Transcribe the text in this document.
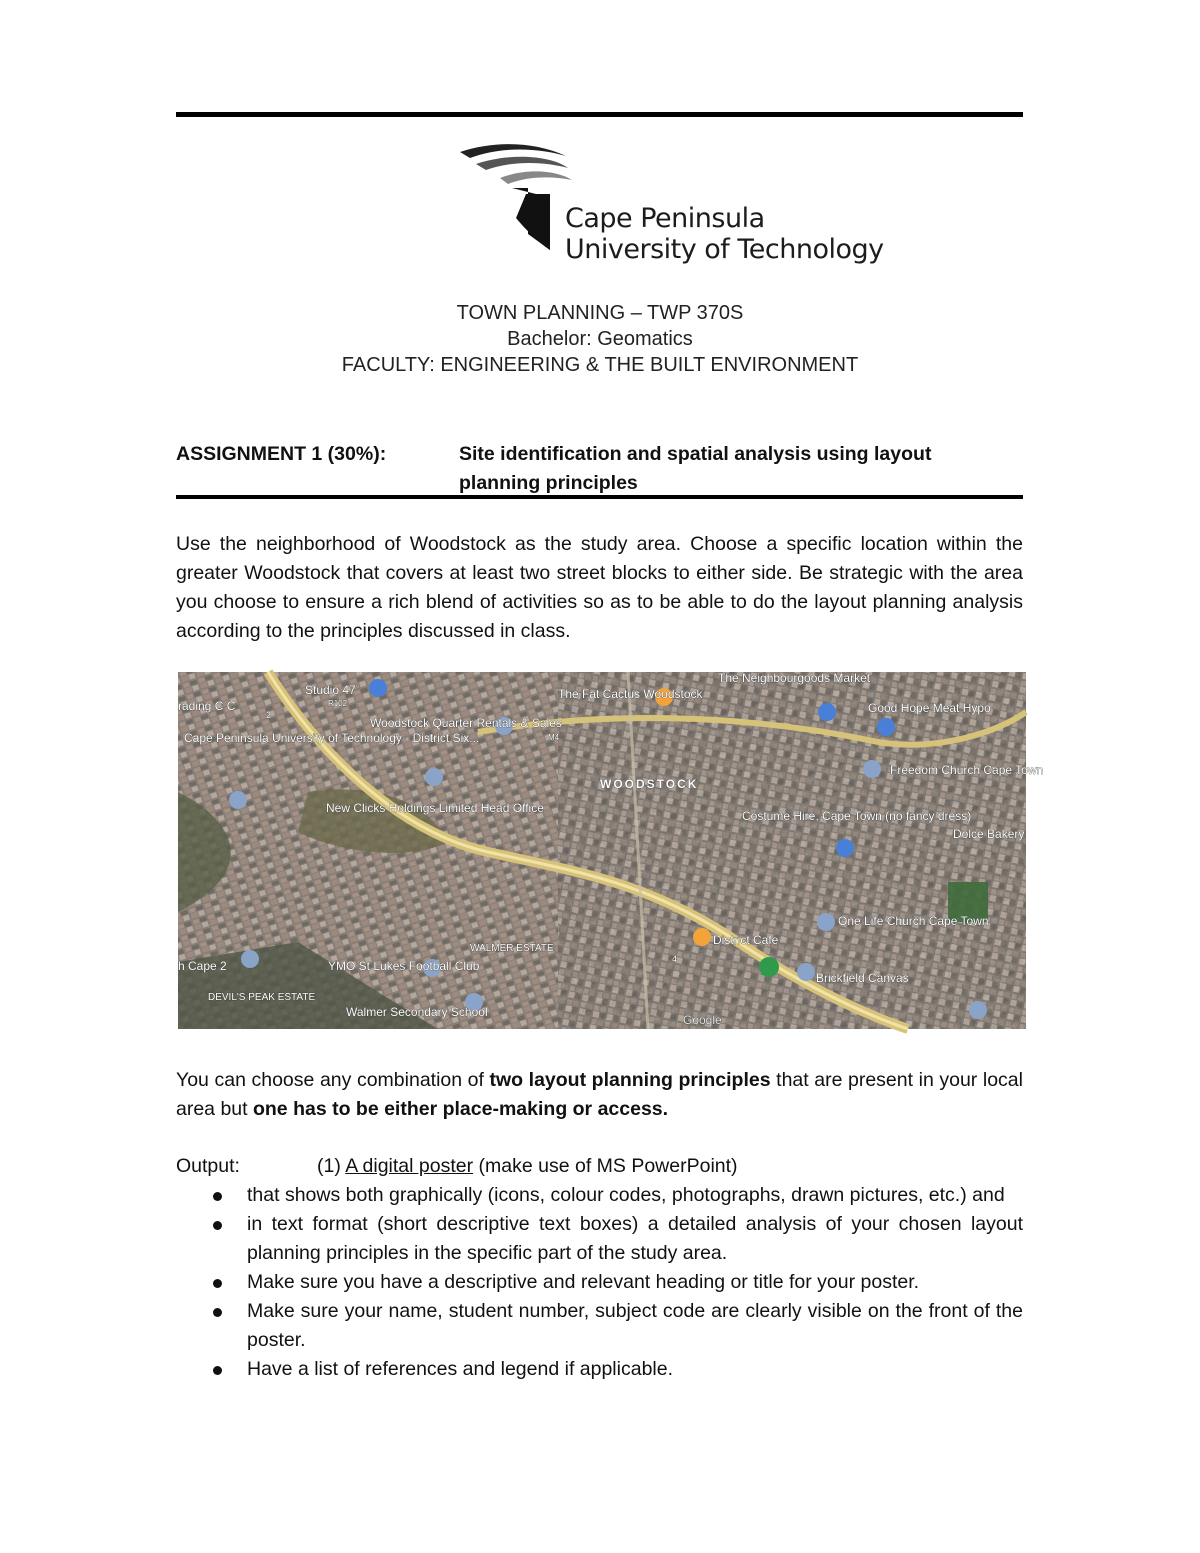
Cape Peninsula
University of Technology
TOWN PLANNING – TWP 370S
Bachelor: Geomatics
FACULTY: ENGINEERING & THE BUILT ENVIRONMENT
ASSIGNMENT 1 (30%):	Site identification and spatial analysis using layout planning principles
Use the neighborhood of Woodstock as the study area. Choose a specific location within the greater Woodstock that covers at least two street blocks to either side. Be strategic with the area you choose to ensure a rich blend of activities so as to be able to do the layout planning analysis according to the principles discussed in class.
Studio 47	The Fat Cactus Woodstock
The Neighbourgoods Market
Good Hope Meat Hypo
rading C C
Woodstock Quarter Rentals & Sales
Cape Peninsula University of Technology - District Six...
WOODSTOCK
Freedom Church Cape Town
New Clicks Holdings Limited Head Office
Costume Hire, Cape Town (no fancy dress)
Dolce Bakery
One Life Church Cape Town
District Cafe
WALMER ESTATE
h Cape 2	YMO St Lukes Football Club
Brickfield Canvas
DEVIL'S PEAK ESTATE
Walmer Secondary School
Google
R102
M4
2
4
You can choose any combination of two layout planning principles that are present in your local area but one has to be either place-making or access.
Output:	(1) A digital poster (make use of MS PowerPoint)
that shows both graphically (icons, colour codes, photographs, drawn pictures, etc.) and
in text format (short descriptive text boxes) a detailed analysis of your chosen layout planning principles in the specific part of the study area.
Make sure you have a descriptive and relevant heading or title for your poster.
Make sure your name, student number, subject code are clearly visible on the front of the poster.
Have a list of references and legend if applicable.
